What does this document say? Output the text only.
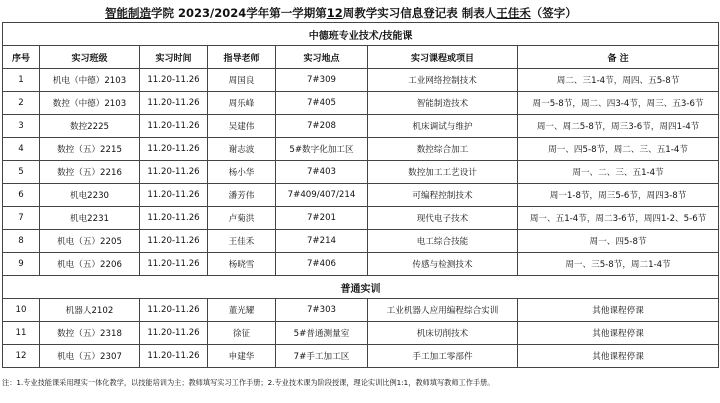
智能制造学院 2023/2024学年第一学期第12周教学实习信息登记表 制表人王佳禾（签字）
中德班专业技术/技能课						
序号	实习班级	实习时间	指导老师	实习地点	实习课程或项目	备 注
1	机电（中德）2103	11.20-11.26	周国良	7#309	工业网络控制技术	周二、三1-4节，周四、五5-8节
2	数控（中德）2103	11.20-11.26	周乐峰	7#405	智能制造技术	周一5-8节，周二、四3-4节，周三、五3-6节
3	数控2225	11.20-11.26	吴建伟	7#208	机床调试与维护	周一、周二5-8节，周三3-6节，周四1-4节
4	数控（五）2215	11.20-11.26	谢志波	5#数字化加工区	数控综合加工	周一、四5-8节，周二、三、五1-4节
5	数控（五）2216	11.20-11.26	杨小华	7#403	数控加工工艺设计	周一、二、三、五1-4节
6	机电2230	11.20-11.26	潘芳伟	7#409/407/214	可编程控制技术	周一1-8节，周三5-6节，周四3-8节
7	机电2231	11.20-11.26	卢菊洪	7#201	现代电子技术	周一、五1-4节，周二3-6节，周四1-2、5-6节
8	机电（五）2205	11.20-11.26	王佳禾	7#214	电工综合技能	周一、四5-8节
9	机电（五）2206	11.20-11.26	杨晓雪	7#406	传感与检测技术	周一、三5-8节，周二1-4节
普通实训						
10	机器人2102	11.20-11.26	董光耀	7#303	工业机器人应用编程综合实训	其他课程停课
11	数控（五）2318	11.20-11.26	徐征	5#普通测量室	机床切削技术	其他课程停课
12	机电（五）2307	11.20-11.26	申建华	7#手工加工区	手工加工零部件	其他课程停课
注：1.专业技能课采用理实一体化教学，以技能培训为主；教师填写实习工作手册；2.专业技术课为阶段授课，理论实训比例1:1，教师填写教师工作手册。
